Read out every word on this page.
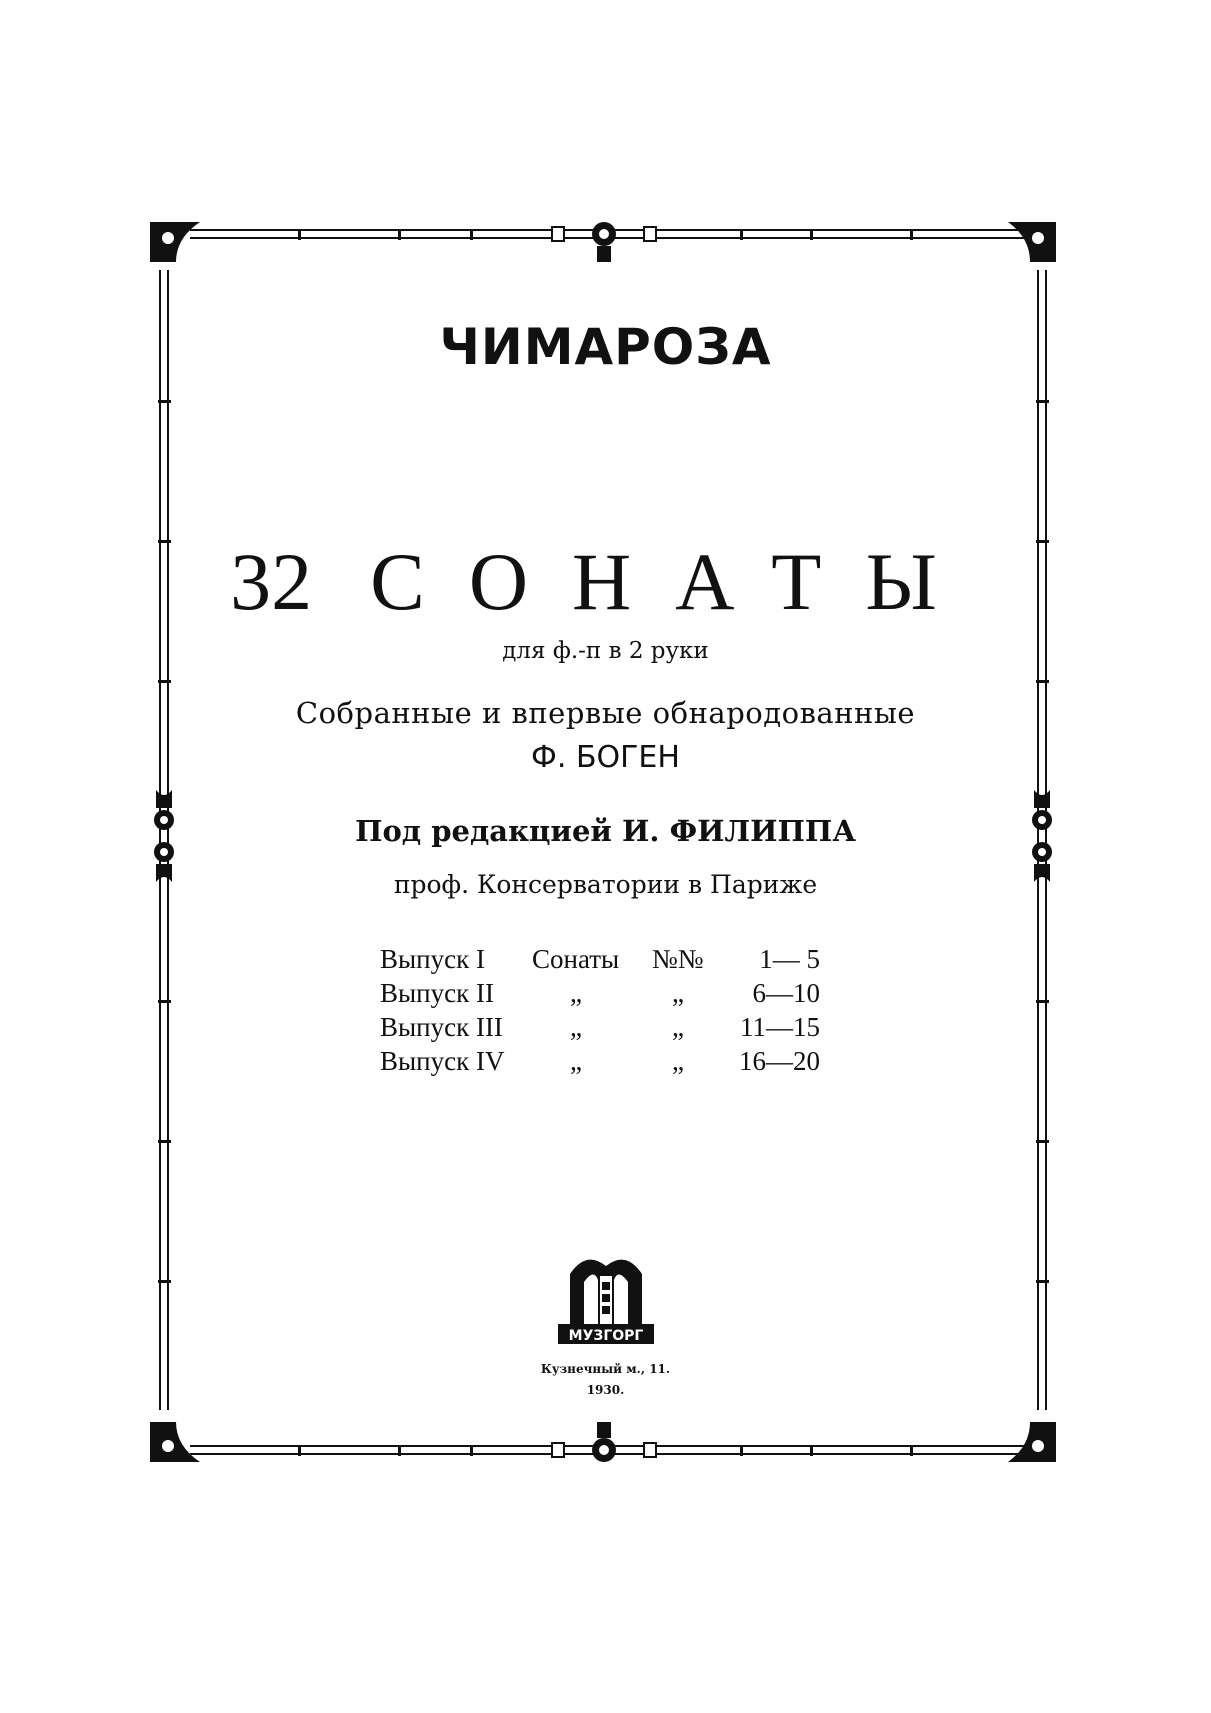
ЧИМАРОЗА
32 СОНАТЫ
для ф.-п в 2 руки
Собранные и впервые обнародованные
Ф. БОГЕН
Под редакцией И. ФИЛИППА
проф. Консерватории в Париже
Выпуск I Сонаты №№	1— 5
Выпуск II	„	„	6—10
Выпуск III „	„	11—15
Выпуск IV „	„	16—20
МУЗГОРГ
Кузнечный м., 11.
1930.
